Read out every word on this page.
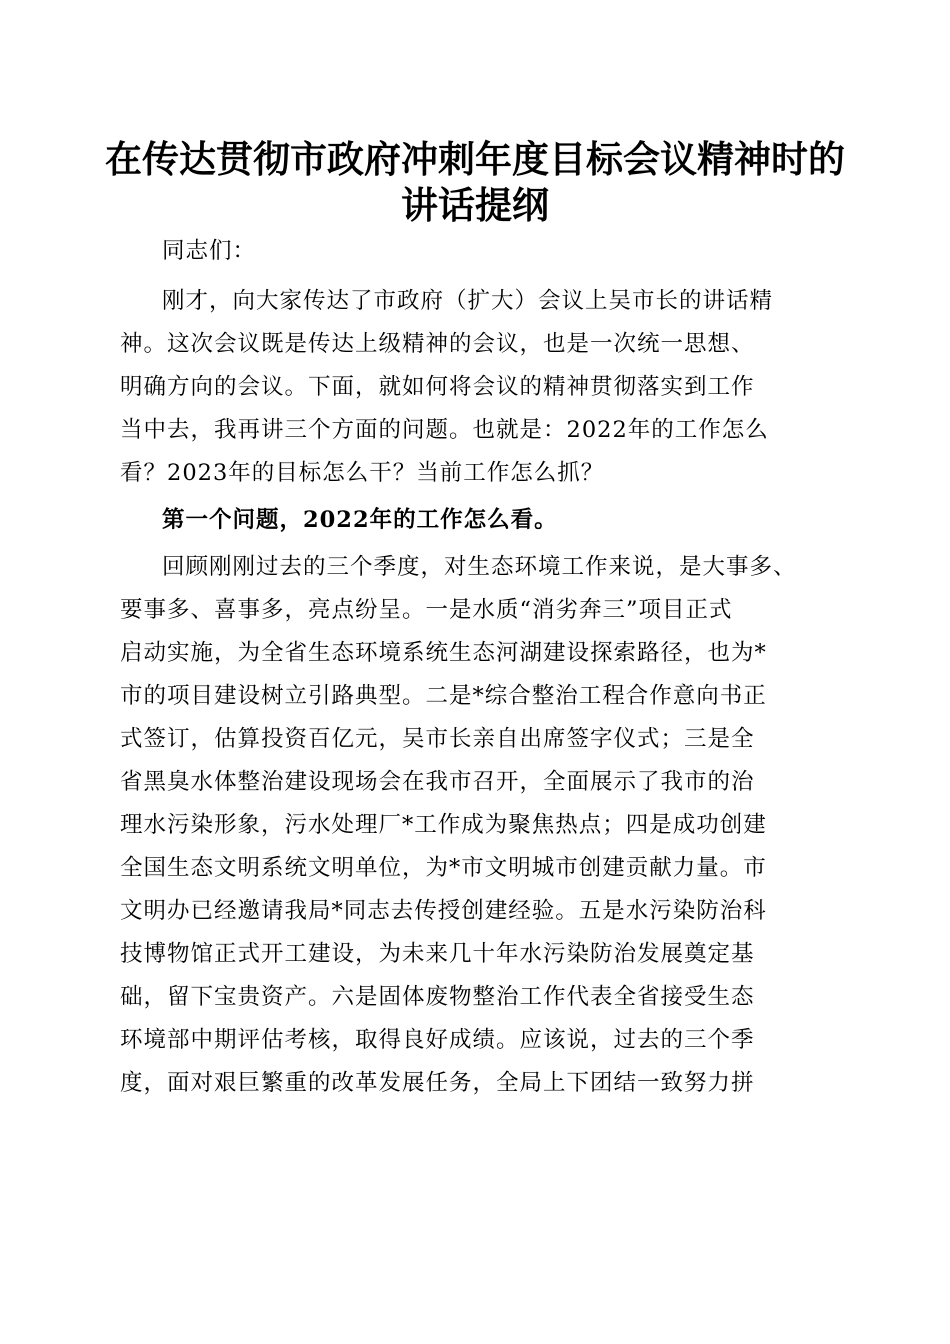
在传达贯彻市政府冲刺年度目标会议精神时的
讲话提纲
同志们：
刚才，向大家传达了市政府（扩大）会议上吴市长的讲话精
神。这次会议既是传达上级精神的会议，也是一次统一思想、
明确方向的会议。下面，就如何将会议的精神贯彻落实到工作
当中去，我再讲三个方面的问题。也就是：2022年的工作怎么
看？2023年的目标怎么干？当前工作怎么抓？
第一个问题，2022年的工作怎么看。
回顾刚刚过去的三个季度，对生态环境工作来说，是大事多、
要事多、喜事多，亮点纷呈。一是水质“消劣奔三”项目正式
启动实施，为全省生态环境系统生态河湖建设探索路径，也为*
市的项目建设树立引路典型。二是*综合整治工程合作意向书正
式签订，估算投资百亿元，吴市长亲自出席签字仪式；三是全
省黑臭水体整治建设现场会在我市召开，全面展示了我市的治
理水污染形象，污水处理厂*工作成为聚焦热点；四是成功创建
全国生态文明系统文明单位，为*市文明城市创建贡献力量。市
文明办已经邀请我局*同志去传授创建经验。五是水污染防治科
技博物馆正式开工建设，为未来几十年水污染防治发展奠定基
础，留下宝贵资产。六是固体废物整治工作代表全省接受生态
环境部中期评估考核，取得良好成绩。应该说，过去的三个季
度，面对艰巨繁重的改革发展任务，全局上下团结一致努力拼
